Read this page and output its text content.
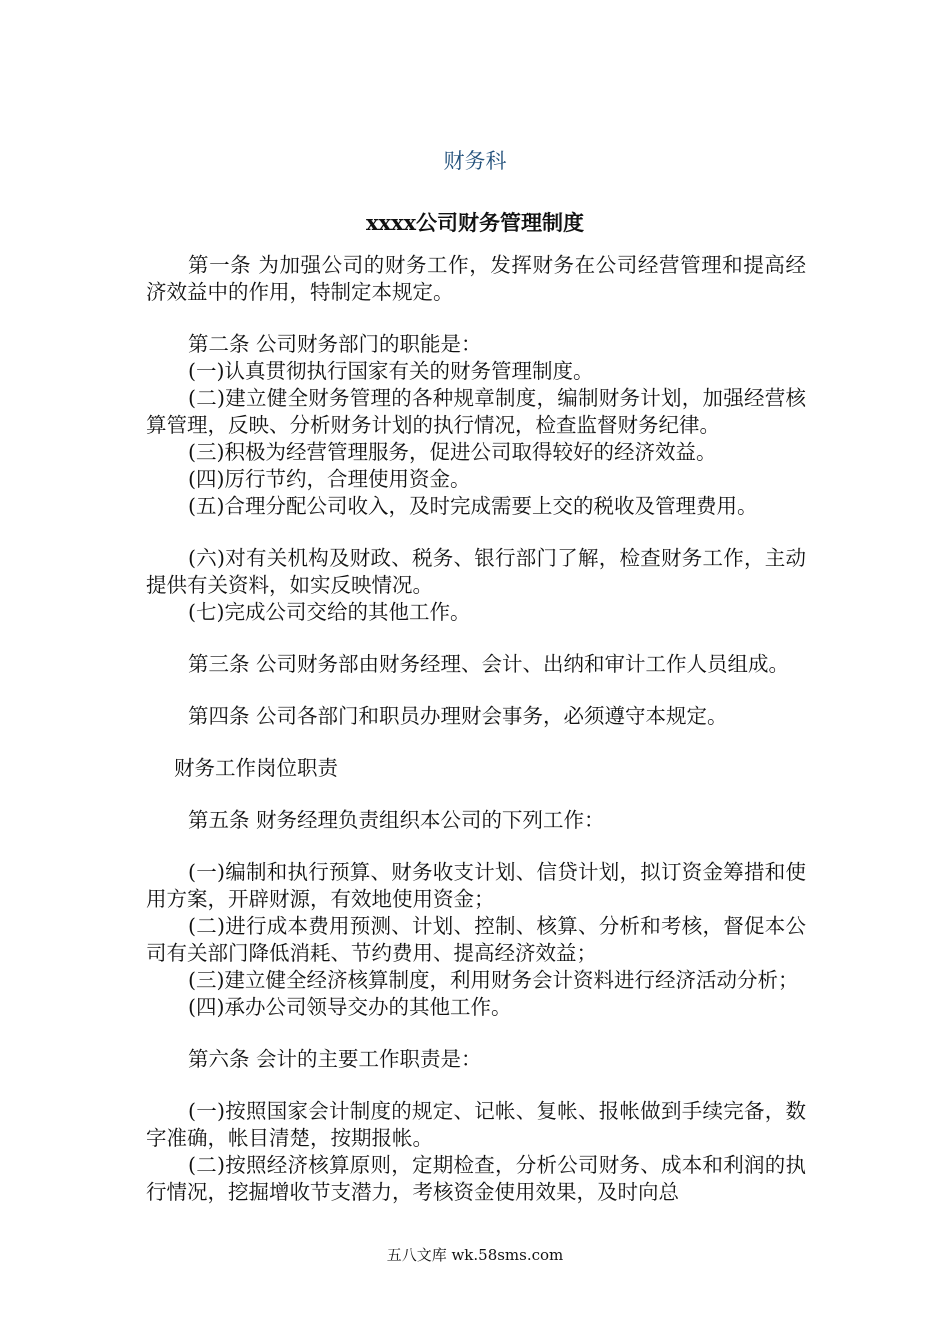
财务科
xxxx公司财务管理制度

第一条 为加强公司的财务工作，发挥财务在公司经营管理和提高经济效益中的作用，特制定本规定。

第二条 公司财务部门的职能是：

(一)认真贯彻执行国家有关的财务管理制度。

(二)建立健全财务管理的各种规章制度，编制财务计划，加强经营核算管理，反映、分析财务计划的执行情况，检查监督财务纪律。

(三)积极为经营管理服务，促进公司取得较好的经济效益。

(四)厉行节约，合理使用资金。

(五)合理分配公司收入，及时完成需要上交的税收及管理费用。

(六)对有关机构及财政、税务、银行部门了解，检查财务工作，主动提供有关资料，如实反映情况。

(七)完成公司交给的其他工作。

第三条 公司财务部由财务经理、会计、出纳和审计工作人员组成。

第四条 公司各部门和职员办理财会事务，必须遵守本规定。

财务工作岗位职责

第五条 财务经理负责组织本公司的下列工作：

(一)编制和执行预算、财务收支计划、信贷计划，拟订资金筹措和使用方案，开辟财源，有效地使用资金；

(二)进行成本费用预测、计划、控制、核算、分析和考核，督促本公司有关部门降低消耗、节约费用、提高经济效益；

(三)建立健全经济核算制度，利用财务会计资料进行经济活动分析；

(四)承办公司领导交办的其他工作。

第六条 会计的主要工作职责是：

(一)按照国家会计制度的规定、记帐、复帐、报帐做到手续完备，数字准确，帐目清楚，按期报帐。

(二)按照经济核算原则，定期检查，分析公司财务、成本和利润的执行情况，挖掘增收节支潜力，考核资金使用效果，及时向总

五八文库 wk.58sms.com
